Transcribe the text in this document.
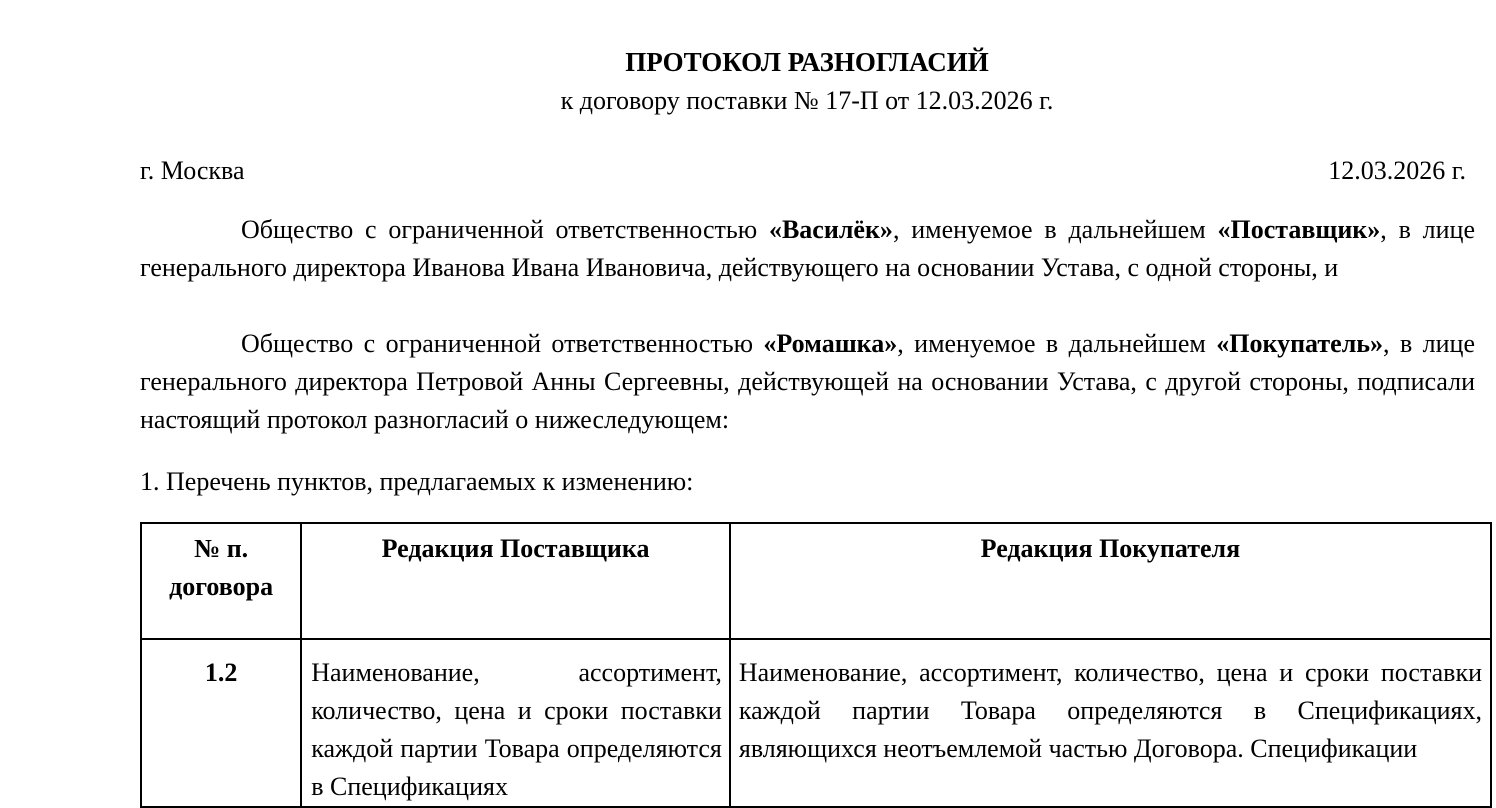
ПРОТОКОЛ РАЗНОГЛАСИЙ
к договору поставки № 17-П от 12.03.2026 г.
г. Москва	12.03.2026 г.
Общество с ограниченной ответственностью «Василёк», именуемое в дальнейшем «Поставщик», в лице генерального директора Иванова Ивана Ивановича, действующего на основании Устава, с одной стороны, и
Общество с ограниченной ответственностью «Ромашка», именуемое в дальнейшем «Покупатель», в лице генерального директора Петровой Анны Сергеевны, действующей на основании Устава, с другой стороны, подписали настоящий протокол разногласий о нижеследующем:
1. Перечень пунктов, предлагаемых к изменению:
№ п. договора	Редакция Поставщика	Редакция Покупателя
1.2	Наименование, ассортимент, количество, цена и сроки поставки каждой партии Товара определяются в Спецификациях	Наименование, ассортимент, количество, цена и сроки поставки каждой партии Товара определяются в Спецификациях, являющихся неотъемлемой частью Договора. Спецификации
